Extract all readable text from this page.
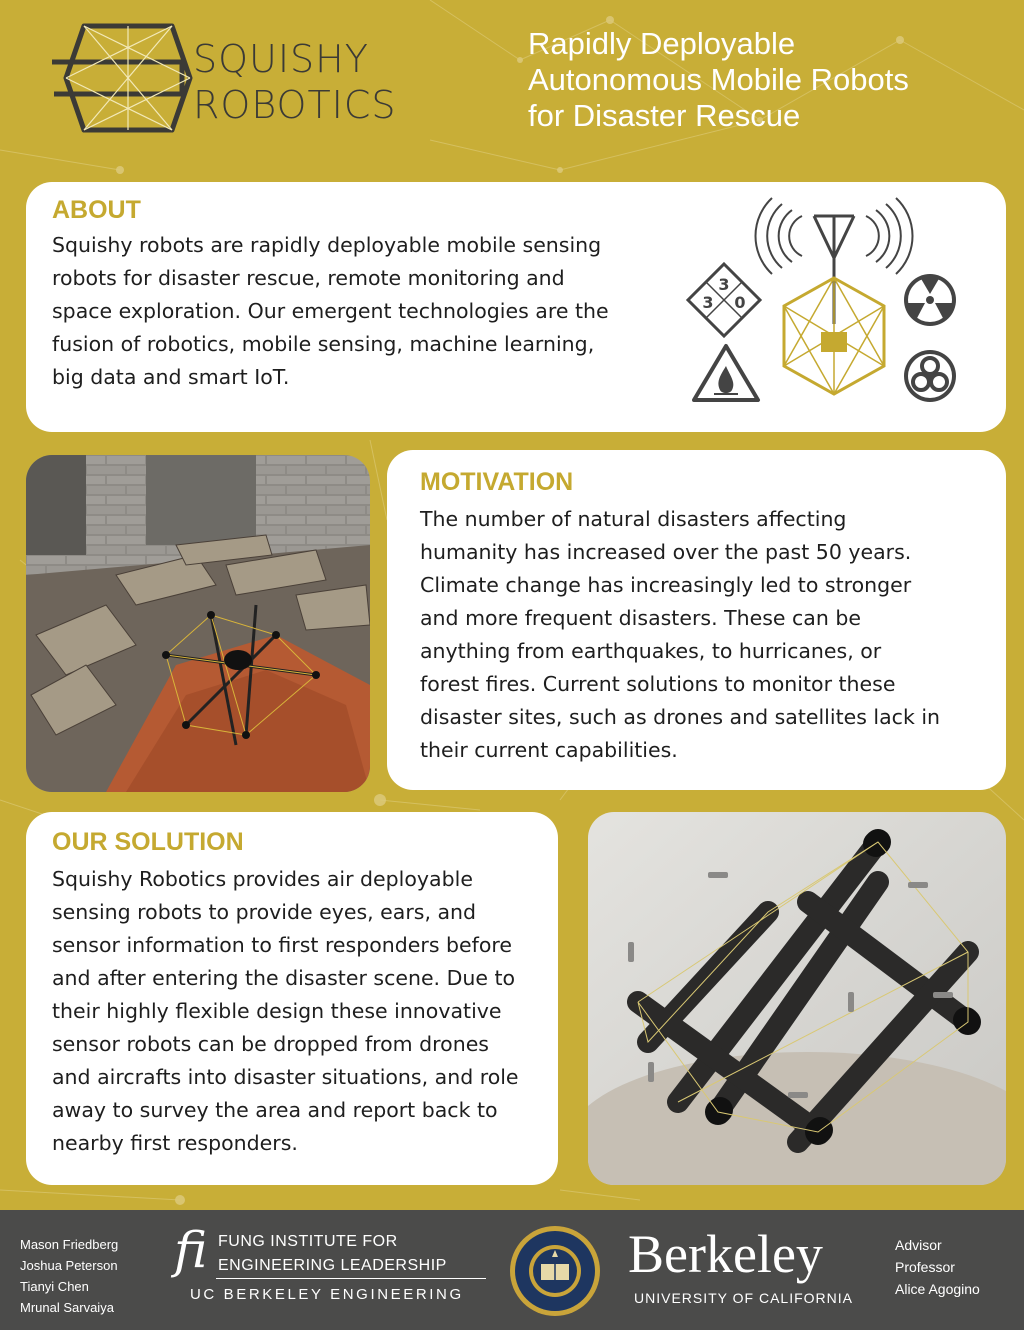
SQUISHY
ROBOTICS
Rapidly Deployable
Autonomous Mobile Robots
for Disaster Rescue
ABOUT

Squishy robots are rapidly deployable mobile sensing
robots for disaster rescue, remote monitoring and
space exploration. Our emergent technologies are the
fusion of robotics, mobile sensing, machine learning,
big data and smart IoT.

3
3 0
MOTIVATION

The number of natural disasters affecting
humanity has increased over the past 50 years.
Climate change has increasingly led to stronger
and more frequent disasters. These can be
anything from earthquakes, to hurricanes, or
forest fires. Current solutions to monitor these
disaster sites, such as drones and satellites lack in
their current capabilities.

OUR SOLUTION

Squishy Robotics provides air deployable
sensing robots to provide eyes, ears, and
sensor information to first responders before
and after entering the disaster scene. Due to
their highly flexible design these innovative
sensor robots can be dropped from drones
and aircrafts into disaster situations, and role
away to survey the area and report back to
nearby first responders.

Mason Friedberg
Joshua Peterson
Tianyi Chen
Mrunal Sarvaiya
fi FUNG INSTITUTE FOR
ENGINEERING LEADERSHIP
UC BERKELEY ENGINEERING
Berkeley
UNIVERSITY OF CALIFORNIA
Advisor
Professor
Alice Agogino
